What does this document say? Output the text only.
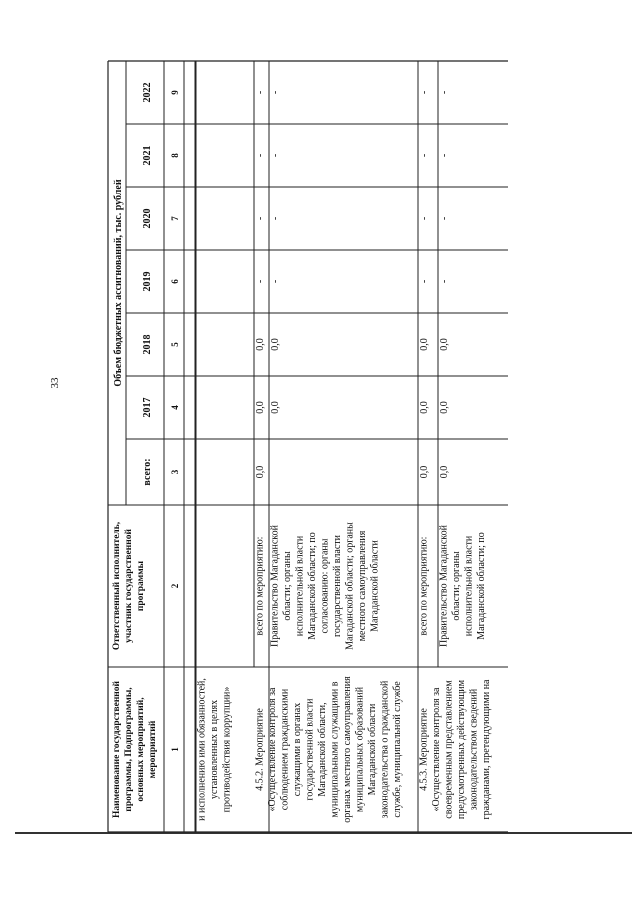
33
Наименование государственной программы, Подпрограммы, основных мероприятий, мероприятий
Ответственный исполнитель, участник государственной программы
Объем бюджетных ассигнований, тыс. рублей
всего:
2017
2018
2019
2020
2021
2022
1
2
3
4
5
6
7
8
9
и исполнению ими обязанностей, установленных в целях противодействия коррупции» 4.5.2. Мероприятие «Осуществление контроля за соблюдением гражданскими служащими в органах государственной власти Магаданской области, муниципальными служащими в органах местного самоуправления муниципальных образований Магаданской области законодательства о гражданской службе, муниципальной службе
всего по мероприятию:
0,0
0,0
0,0
-
-
-
-
Правительство Магаданской области; органы исполнительной власти Магаданской области; по согласованию: органы государственной власти Магаданской области; органы местного самоуправления Магаданской области
0,0
0,0
-
-
-
-
4.5.3. Мероприятие «Осуществление контроля за своевременным представлением предусмотренных действующим законодательством сведений гражданами, претендующими на
всего по мероприятию:
0,0
0,0
0,0
-
-
-
-
Правительство Магаданской области; органы исполнительной власти Магаданской области; по
0,0
0,0
0,0
-
-
-
-
